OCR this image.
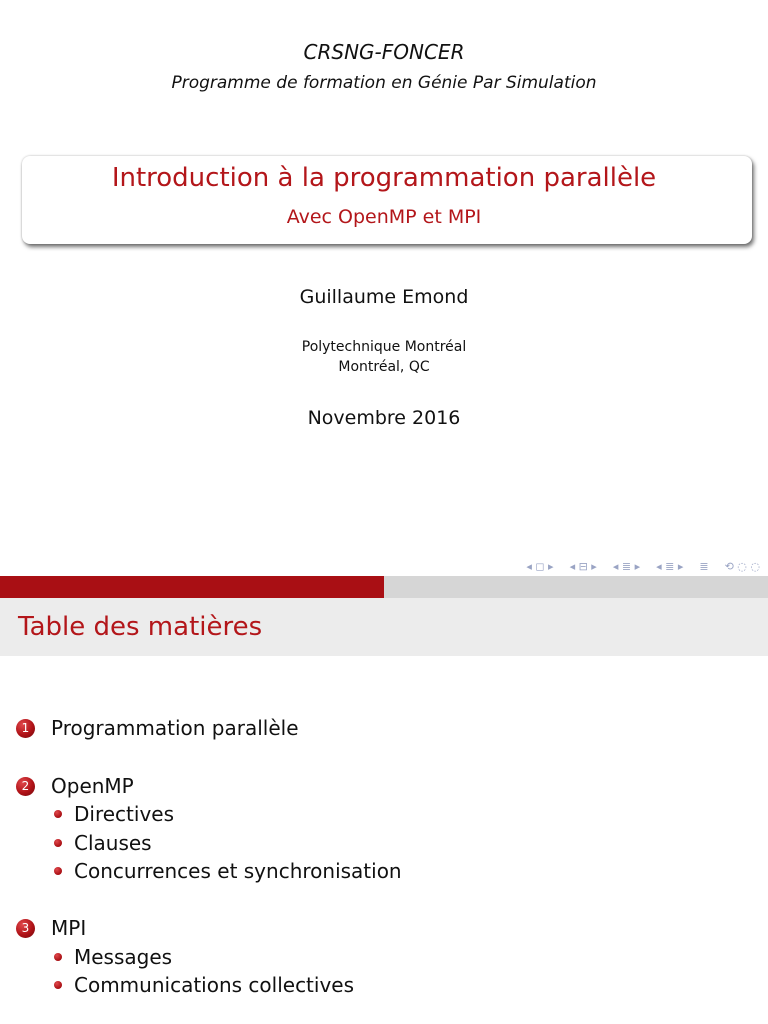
CRSNG-FONCER
Programme de formation en Génie Par Simulation
Introduction à la programmation parallèle
Avec OpenMP et MPI
Guillaume Emond
Polytechnique Montréal
Montréal, QC
Novembre 2016
◂ ◻ ▸ ◂ ⊟ ▸ ◂ ≣ ▸ ◂ ≣ ▸ ≣ ⟲ ◌ ◌
Table des matières
1 Programmation parallèle
2 OpenMP
Directives
Clauses
Concurrences et synchronisation
3 MPI
Messages
Communications collectives
